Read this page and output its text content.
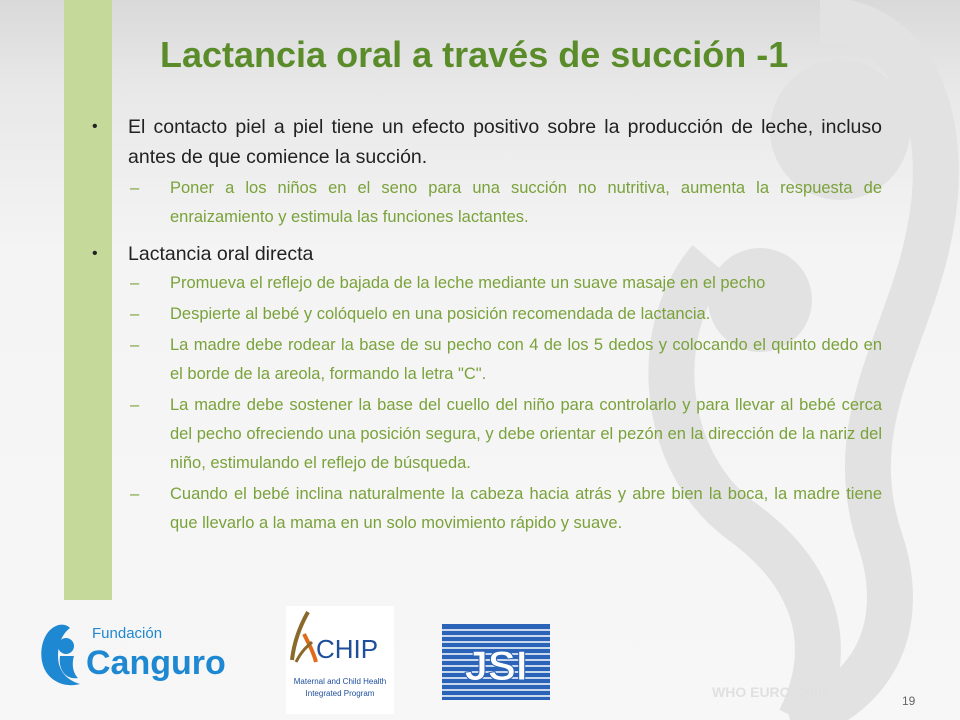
Lactancia oral a través de succión -1
• El contacto piel a piel tiene un efecto positivo sobre la producción de leche, incluso antes de que comience la succión.
– Poner a los niños en el seno para una succión no nutritiva, aumenta la respuesta de enraizamiento y estimula las funciones lactantes.
• Lactancia oral directa
– Promueva el reflejo de bajada de la leche mediante un suave masaje en el pecho
– Despierte al bebé y colóquelo en una posición recomendada de lactancia.
– La madre debe rodear la base de su pecho con 4 de los 5 dedos y colocando el quinto dedo en el borde de la areola, formando la letra "C".
– La madre debe sostener la base del cuello del niño para controlarlo y para llevar al bebé cerca del pecho ofreciendo una posición segura, y debe orientar el pezón en la dirección de la nariz del niño, estimulando el reflejo de búsqueda.
– Cuando el bebé inclina naturalmente la cabeza hacia atrás y abre bien la boca, la madre tiene que llevarlo a la mama en un solo movimiento rápido y suave.
Fundación
Canguro	CHIP
Maternal and Child Health
Integrated Program
JSI
WHO EURO, 2002
19
